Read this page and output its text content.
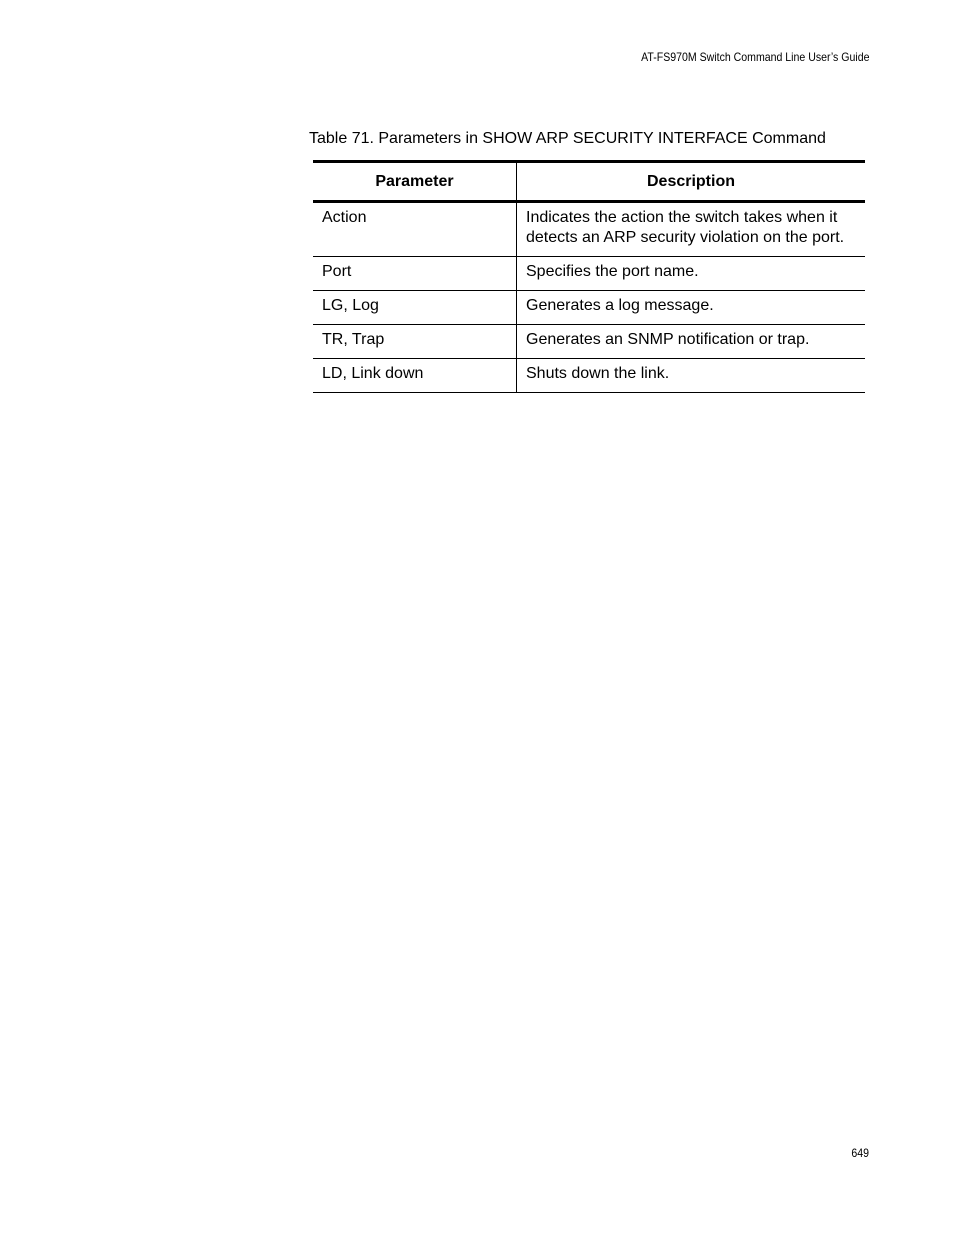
AT-FS970M Switch Command Line User’s Guide
Table 71. Parameters in SHOW ARP SECURITY INTERFACE Command
Parameter	Description
Action	Indicates the action the switch takes when it detects an ARP security violation on the port.
Port	Specifies the port name.
LG, Log	Generates a log message.
TR, Trap	Generates an SNMP notification or trap.
LD, Link down	Shuts down the link.
649
